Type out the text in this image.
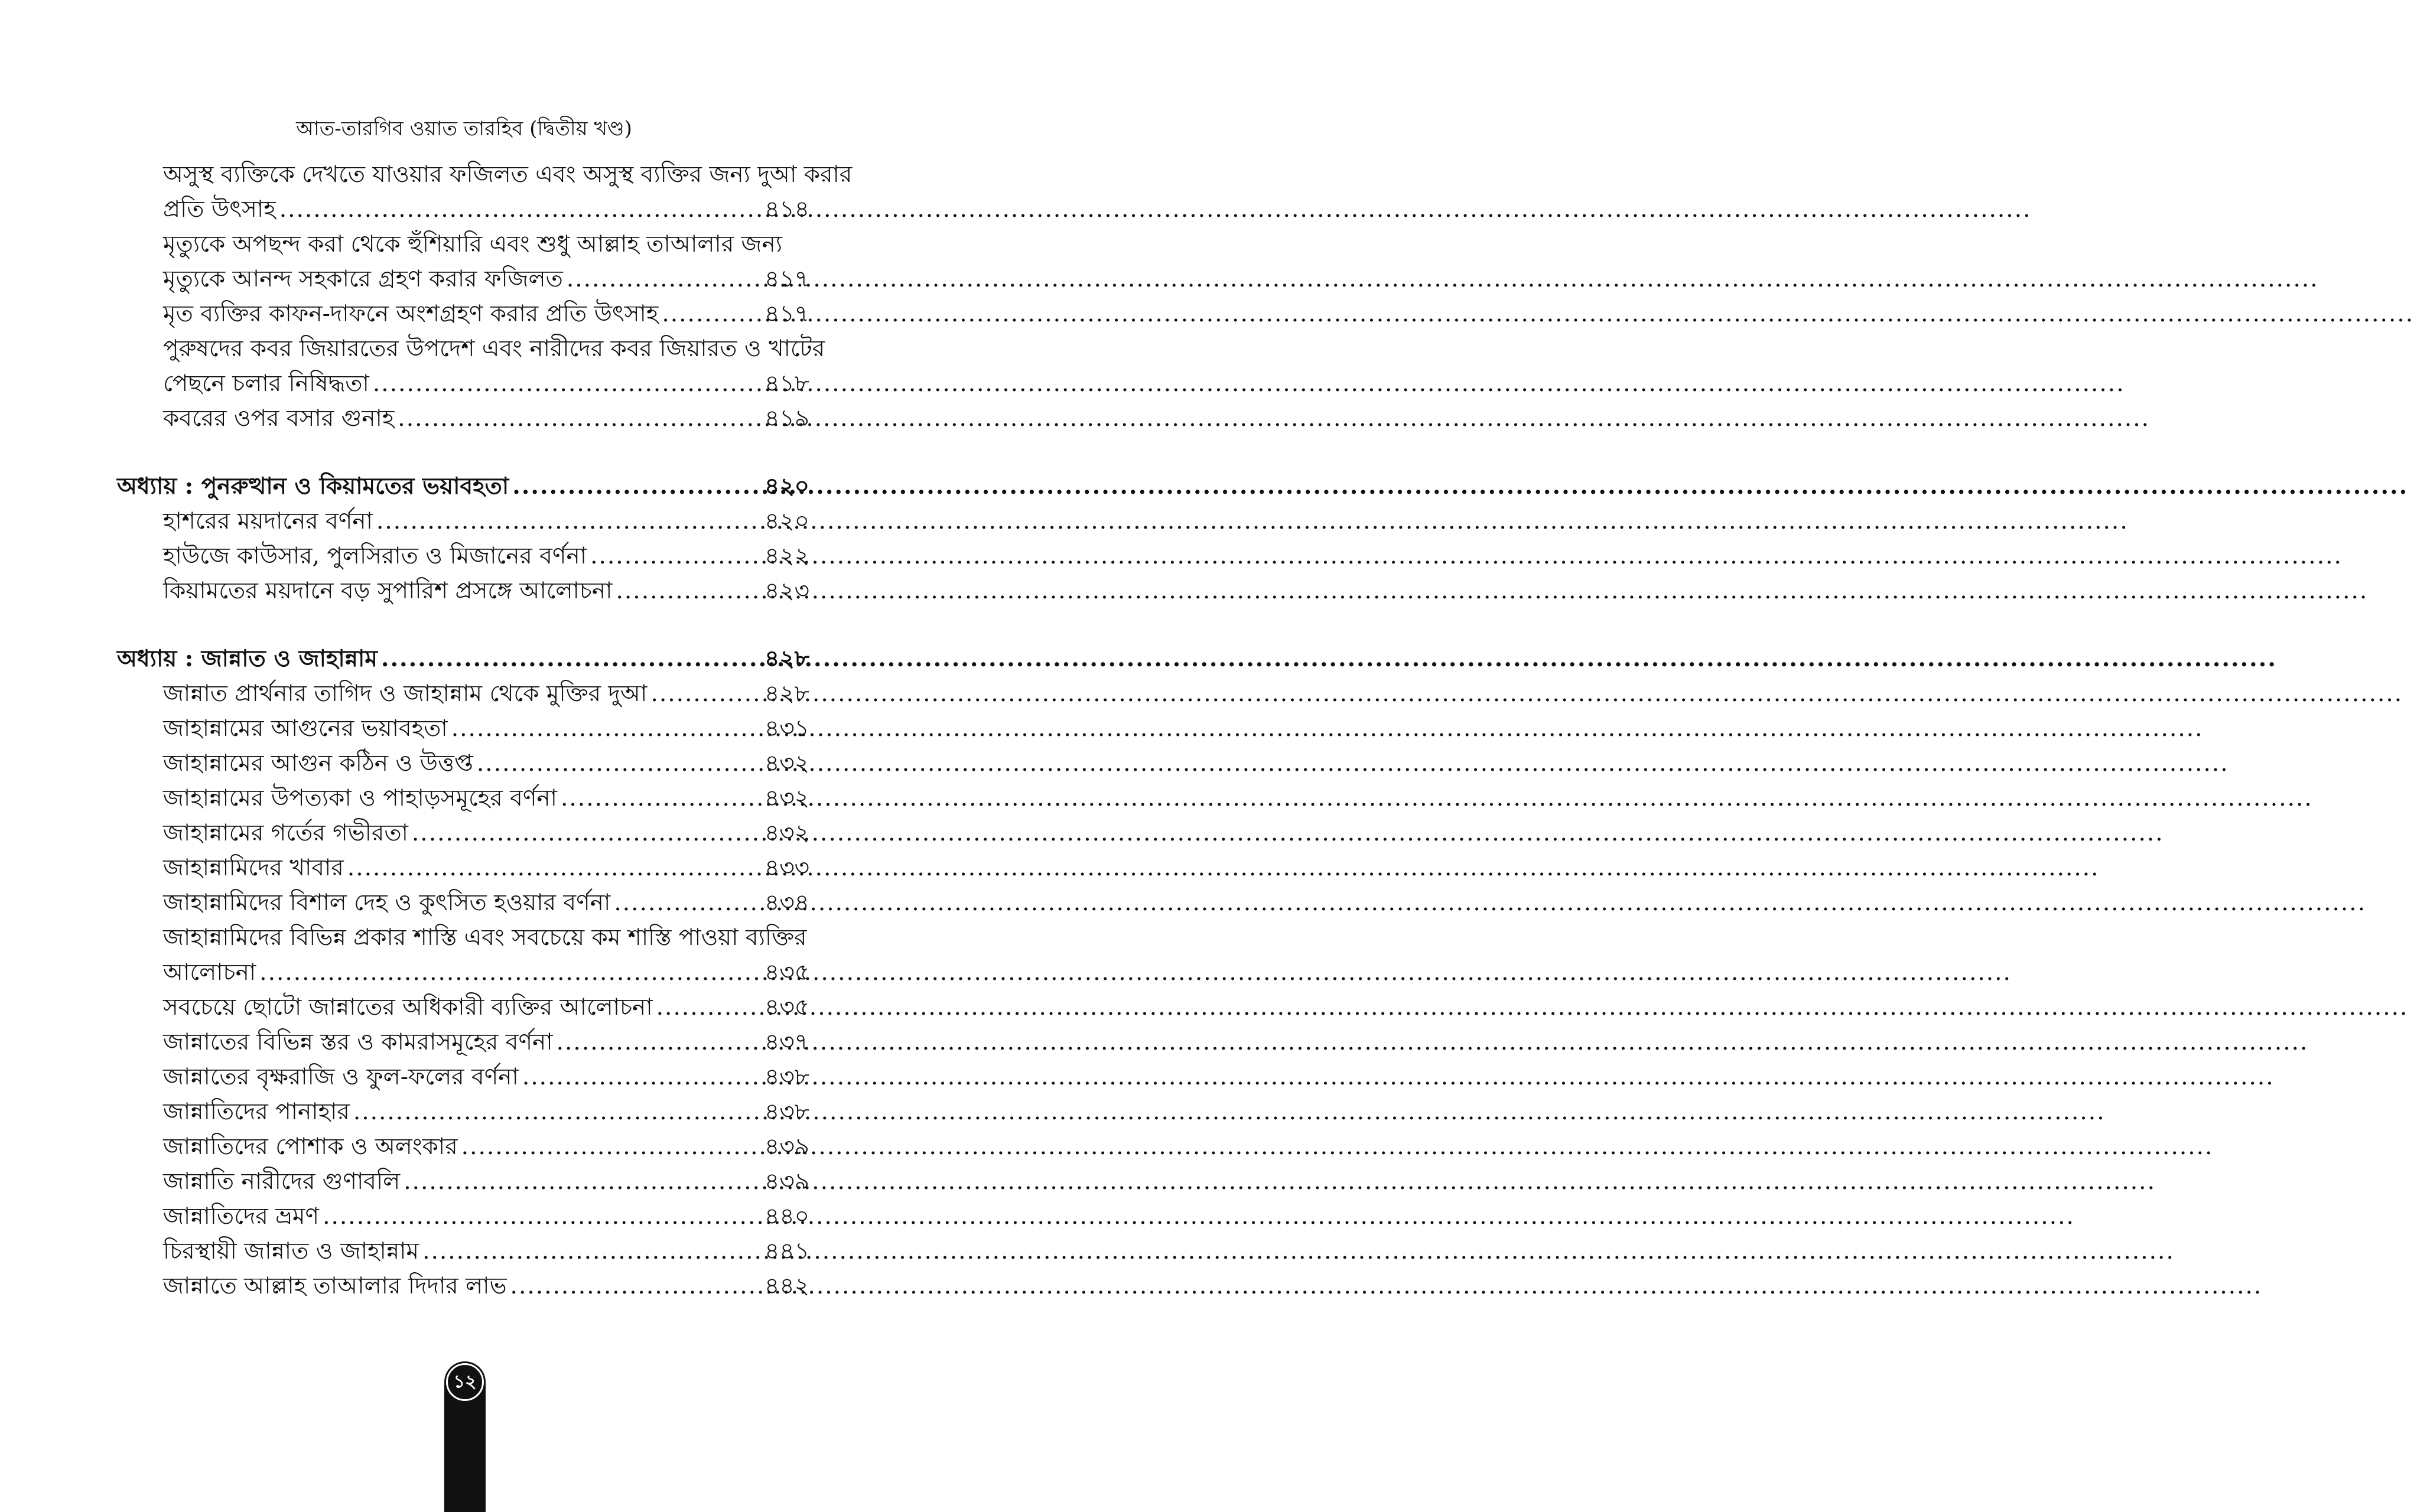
আত-তারগিব ওয়াত তারহিব (দ্বিতীয় খণ্ড)
অসুস্থ ব্যক্তিকে দেখতে যাওয়ার ফজিলত এবং অসুস্থ ব্যক্তির জন্য দুআ করার
প্রতি উৎসাহ .....	৪১৪
মৃত্যুকে অপছন্দ করা থেকে হুঁশিয়ারি এবং শুধু আল্লাহ তাআলার জন্য
মৃত্যুকে আনন্দ সহকারে গ্রহণ করার ফজিলত .....	৪১৭
মৃত ব্যক্তির কাফন-দাফনে অংশগ্রহণ করার প্রতি উৎসাহ .....	৪১৭
পুরুষদের কবর জিয়ারতের উপদেশ এবং নারীদের কবর জিয়ারত ও খাটের
পেছনে চলার নিষিদ্ধতা .....	৪১৮
কবরের ওপর বসার গুনাহ .....	৪১৯
অধ্যায় : পুনরুত্থান ও কিয়ামতের ভয়াবহতা .....	৪২০
হাশরের ময়দানের বর্ণনা .....	৪২০
হাউজে কাউসার, পুলসিরাত ও মিজানের বর্ণনা .....	৪২২
কিয়ামতের ময়দানে বড় সুপারিশ প্রসঙ্গে আলোচনা .....	৪২৩
অধ্যায় : জান্নাত ও জাহান্নাম .....	৪২৮
জান্নাত প্রার্থনার তাগিদ ও জাহান্নাম থেকে মুক্তির দুআ .....	৪২৮
জাহান্নামের আগুনের ভয়াবহতা .....	৪৩১
জাহান্নামের আগুন কঠিন ও উত্তপ্ত .....	৪৩২
জাহান্নামের উপত্যকা ও পাহাড়সমূহের বর্ণনা .....	৪৩২
জাহান্নামের গর্তের গভীরতা .....	৪৩২
জাহান্নামিদের খাবার .....	৪৩৩
জাহান্নামিদের বিশাল দেহ ও কুৎসিত হওয়ার বর্ণনা .....	৪৩৪
জাহান্নামিদের বিভিন্ন প্রকার শাস্তি এবং সবচেয়ে কম শাস্তি পাওয়া ব্যক্তির
আলোচনা .....	৪৩৫
সবচেয়ে ছোটো জান্নাতের অধিকারী ব্যক্তির আলোচনা .....	৪৩৫
জান্নাতের বিভিন্ন স্তর ও কামরাসমূহের বর্ণনা .....	৪৩৭
জান্নাতের বৃক্ষরাজি ও ফুল-ফলের বর্ণনা .....	৪৩৮
জান্নাতিদের পানাহার .....	৪৩৮
জান্নাতিদের পোশাক ও অলংকার .....	৪৩৯
জান্নাতি নারীদের গুণাবলি .....	৪৩৯
জান্নাতিদের ভ্রমণ .....	৪৪০
চিরস্থায়ী জান্নাত ও জাহান্নাম .....	৪৪১
জান্নাতে আল্লাহ তাআলার দিদার লাভ .....	৪৪২
১২
